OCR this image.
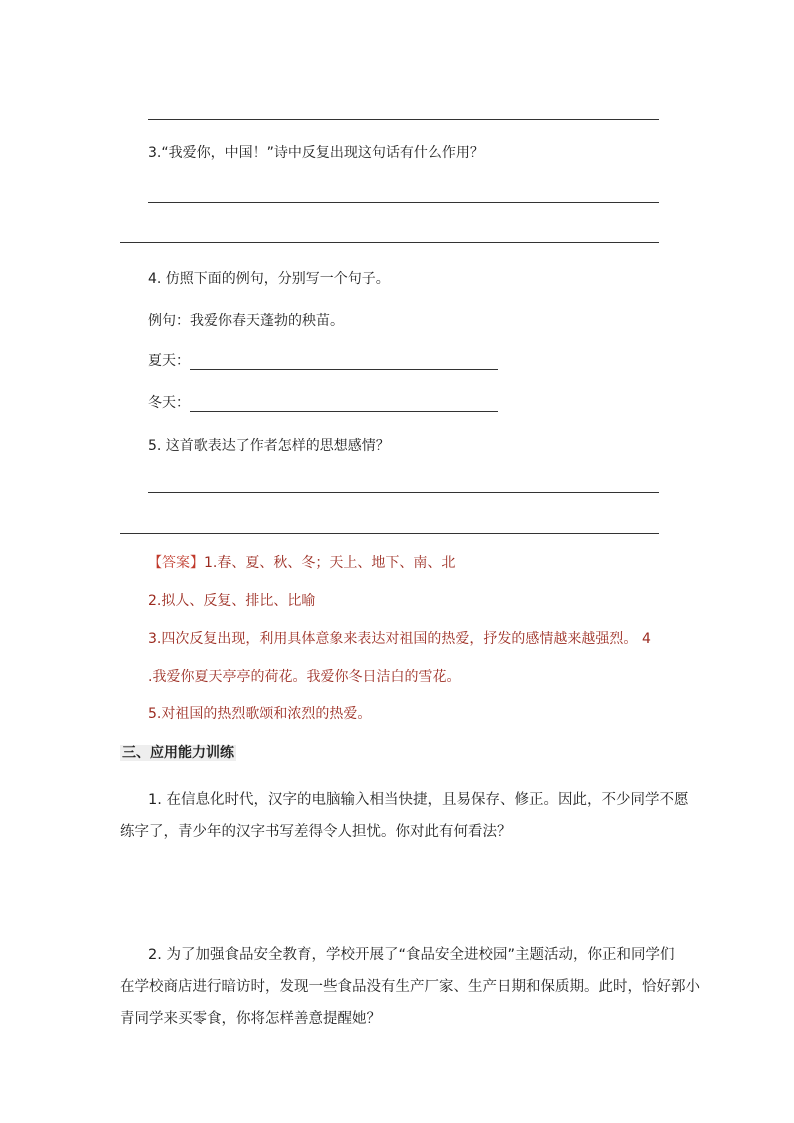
3.“我爱你，中国！”诗中反复出现这句话有什么作用？
4. 仿照下面的例句，分别写一个句子。
例句：我爱你春天蓬勃的秧苗。
夏天：
冬天：
5. 这首歌表达了作者怎样的思想感情？
【答案】1.春、夏、秋、冬；天上、地下、南、北
2.拟人、反复、排比、比喻
3.四次反复出现，利用具体意象来表达对祖国的热爱，抒发的感情越来越强烈。 4
.我爱你夏天亭亭的荷花。我爱你冬日洁白的雪花。
5.对祖国的热烈歌颂和浓烈的热爱。
三、应用能力训练
1. 在信息化时代，汉字的电脑输入相当快捷，且易保存、修正。因此，不少同学不愿
练字了，青少年的汉字书写差得令人担忧。你对此有何看法？
2. 为了加强食品安全教育，学校开展了“食品安全进校园”主题活动，你正和同学们
在学校商店进行暗访时，发现一些食品没有生产厂家、生产日期和保质期。此时，恰好郭小
青同学来买零食，你将怎样善意提醒她？
